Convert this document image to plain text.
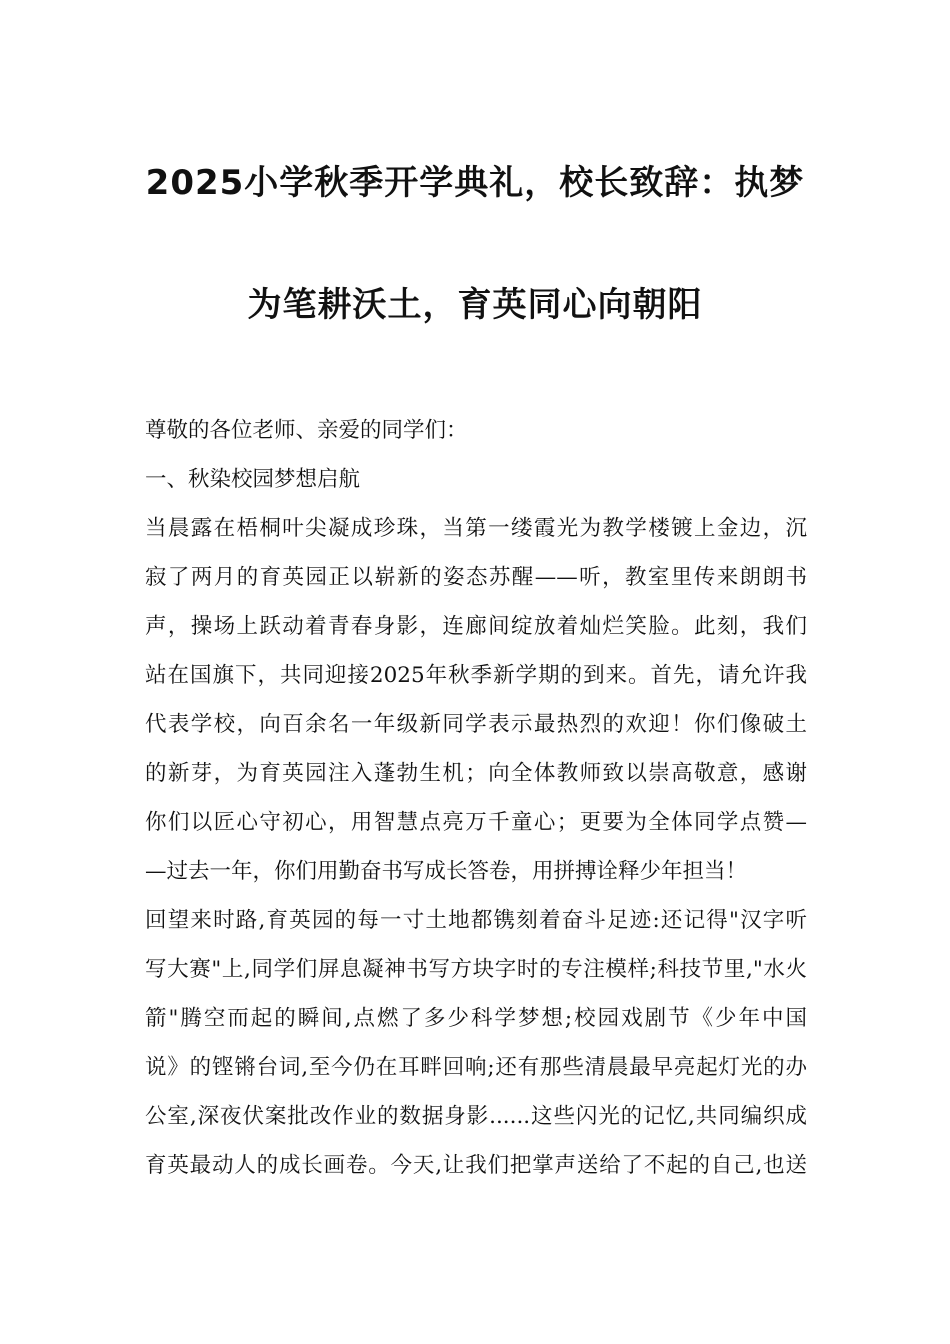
2025小学秋季开学典礼，校长致辞：执梦
为笔耕沃土，育英同心向朝阳

尊敬的各位老师、亲爱的同学们：

一、秋染校园梦想启航

当晨露在梧桐叶尖凝成珍珠，当第一缕霞光为教学楼镀上金边，沉

寂了两月的育英园正以崭新的姿态苏醒——听，教室里传来朗朗书

声，操场上跃动着青春身影，连廊间绽放着灿烂笑脸。此刻，我们

站在国旗下，共同迎接2025年秋季新学期的到来。首先，请允许我

代表学校，向百余名一年级新同学表示最热烈的欢迎！你们像破土

的新芽，为育英园注入蓬勃生机；向全体教师致以崇高敬意，感谢

你们以匠心守初心，用智慧点亮万千童心；更要为全体同学点赞—

—过去一年，你们用勤奋书写成长答卷，用拼搏诠释少年担当！

回望来时路,育英园的每一寸土地都镌刻着奋斗足迹:还记得"汉字听

写大赛"上,同学们屏息凝神书写方块字时的专注模样;科技节里,"水火

箭"腾空而起的瞬间,点燃了多少科学梦想;校园戏剧节《少年中国

说》的铿锵台词,至今仍在耳畔回响;还有那些清晨最早亮起灯光的办

公室,深夜伏案批改作业的数据身影......这些闪光的记忆,共同编织成

育英最动人的成长画卷。今天,让我们把掌声送给了不起的自己,也送
